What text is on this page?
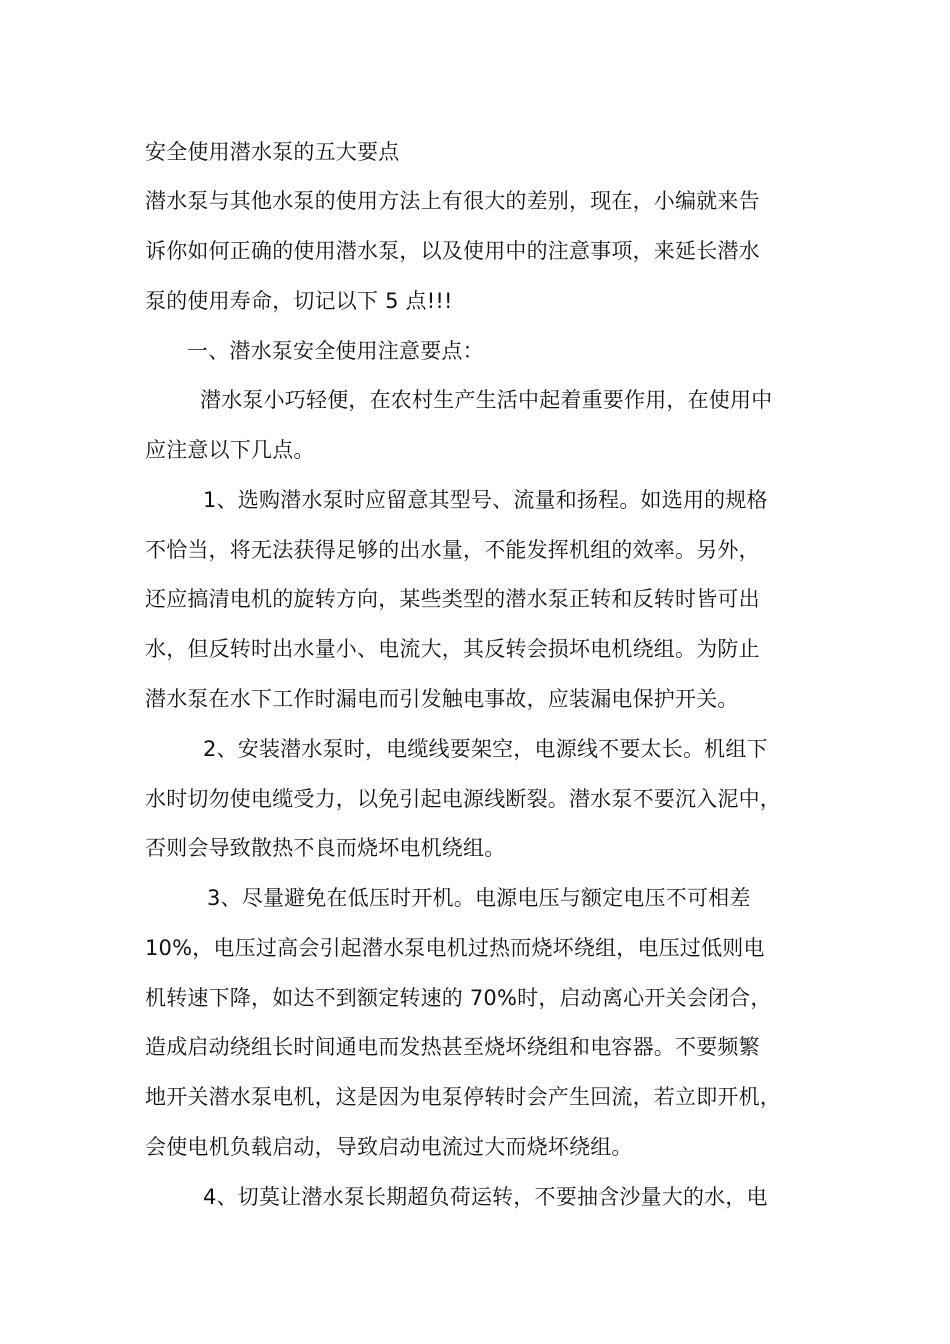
安全使用潜水泵的五大要点
潜水泵与其他水泵的使用方法上有很大的差别，现在，小编就来告
诉你如何正确的使用潜水泵，以及使用中的注意事项，来延长潜水
泵的使用寿命，切记以下 5 点!!!
一、潜水泵安全使用注意要点：
潜水泵小巧轻便，在农村生产生活中起着重要作用，在使用中
应注意以下几点。
1、选购潜水泵时应留意其型号、流量和扬程。如选用的规格
不恰当，将无法获得足够的出水量，不能发挥机组的效率。另外，
还应搞清电机的旋转方向，某些类型的潜水泵正转和反转时皆可出
水，但反转时出水量小、电流大，其反转会损坏电机绕组。为防止
潜水泵在水下工作时漏电而引发触电事故，应装漏电保护开关。
2、安装潜水泵时，电缆线要架空，电源线不要太长。机组下
水时切勿使电缆受力，以免引起电源线断裂。潜水泵不要沉入泥中，
否则会导致散热不良而烧坏电机绕组。
3、尽量避免在低压时开机。电源电压与额定电压不可相差
10%，电压过高会引起潜水泵电机过热而烧坏绕组，电压过低则电
机转速下降，如达不到额定转速的 70%时，启动离心开关会闭合，
造成启动绕组长时间通电而发热甚至烧坏绕组和电容器。不要频繁
地开关潜水泵电机，这是因为电泵停转时会产生回流，若立即开机，
会使电机负载启动，导致启动电流过大而烧坏绕组。
4、切莫让潜水泵长期超负荷运转，不要抽含沙量大的水，电
